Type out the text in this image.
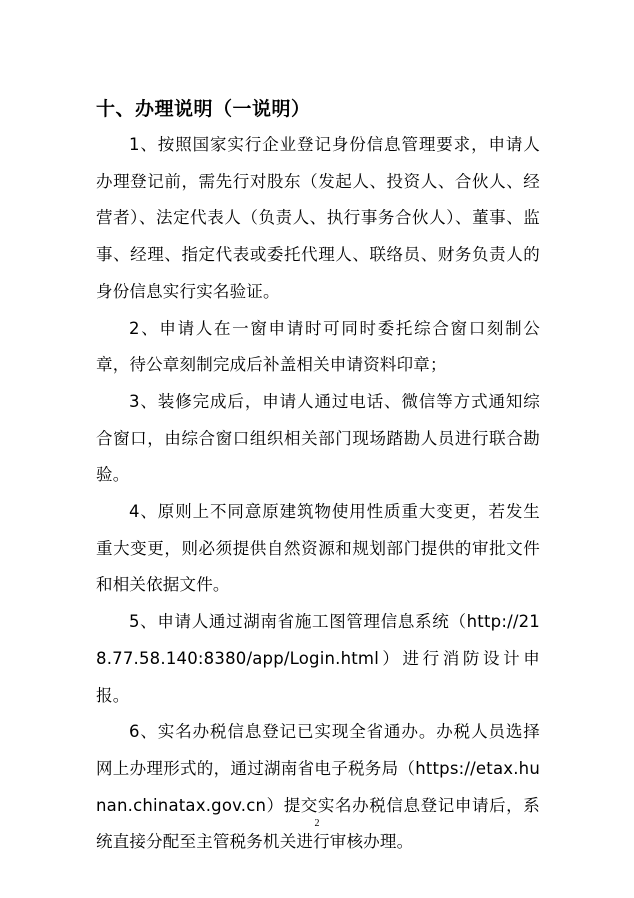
十、办理说明（一说明）

1、按照国家实行企业登记身份信息管理要求，申请人办理登记前，需先行对股东（发起人、投资人、合伙人、经营者）、法定代表人（负责人、执行事务合伙人）、董事、监事、经理、指定代表或委托代理人、联络员、财务负责人的身份信息实行实名验证。

2、申请人在一窗申请时可同时委托综合窗口刻制公章，待公章刻制完成后补盖相关申请资料印章；

3、装修完成后，申请人通过电话、微信等方式通知综合窗口，由综合窗口组织相关部门现场踏勘人员进行联合勘验。

4、原则上不同意原建筑物使用性质重大变更，若发生重大变更，则必须提供自然资源和规划部门提供的审批文件和相关依据文件。

5、申请人通过湖南省施工图管理信息系统（http://218.77.58.140:8380/app/Login.html）进行消防设计申报。

6、实名办税信息登记已实现全省通办。办税人员选择网上办理形式的，通过湖南省电子税务局（https://etax.hunan.chinatax.gov.cn）提交实名办税信息登记申请后，系统直接分配至主管税务机关进行审核办理。

2
